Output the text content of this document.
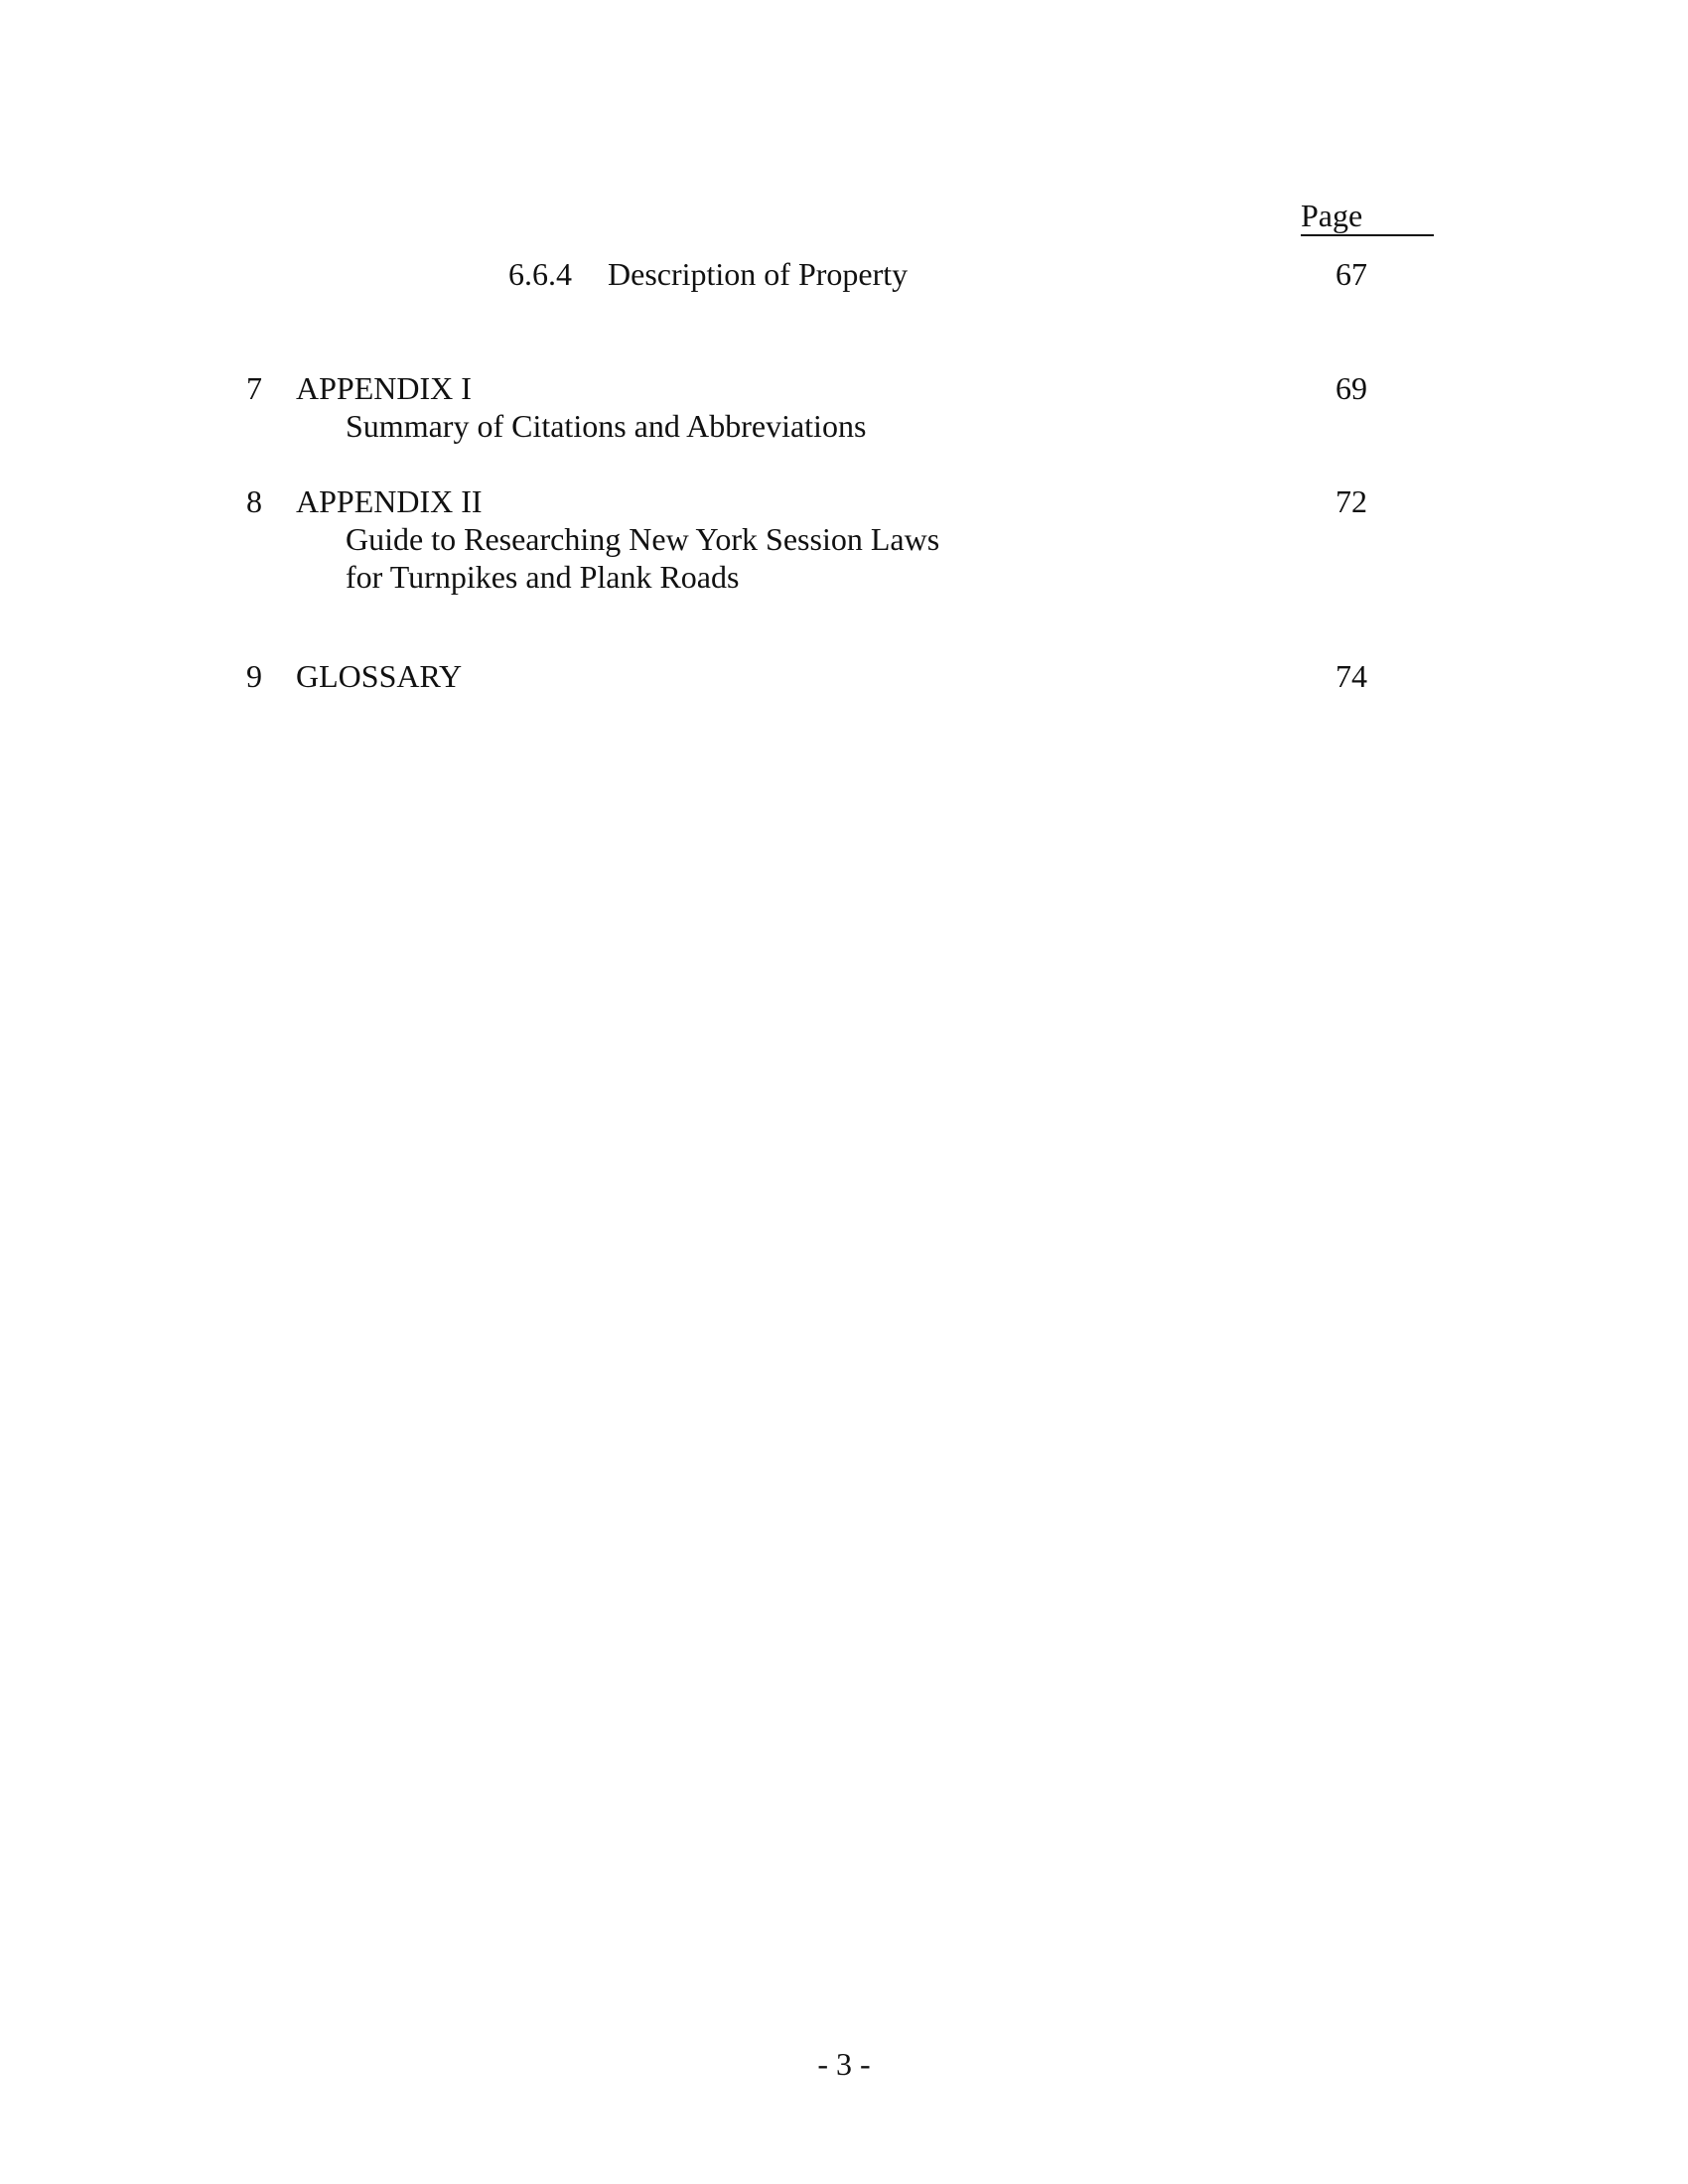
Page
6.6.4 Description of Property	67
7 APPENDIX I
Summary of Citations and Abbreviations
69
8 APPENDIX II
Guide to Researching New York Session Laws
for Turnpikes and Plank Roads
72
9 GLOSSARY	74
- 3 -
